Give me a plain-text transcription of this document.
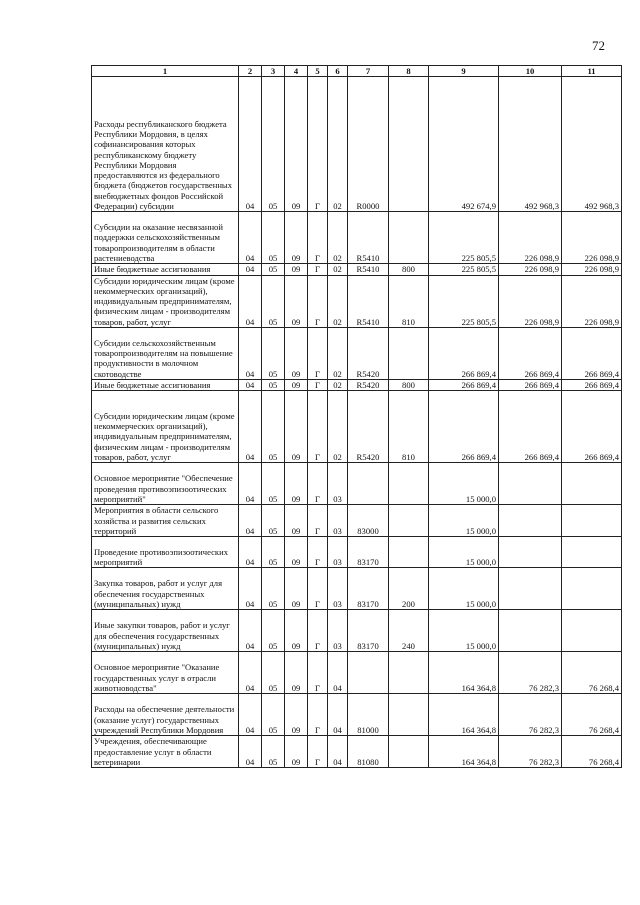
72
1	2	3	4	5	6	7	8	9	10	11
Расходы республиканского бюджета Республики Мордовия, в целях софинансирования которых республиканскому бюджету Республики Мордовия предоставляются из федерального бюджета (бюджетов государственных внебюджетных фондов Российской Федерации) субсидии	04	05	09	Г	02	R0000		492 674,9	492 968,3	492 968,3
Субсидии на оказание несвязанной поддержки сельскохозяйственным товаропроизводителям в области растениеводства	04	05	09	Г	02	R5410		225 805,5	226 098,9	226 098,9
Иные бюджетные ассигнования	04	05	09	Г	02	R5410	800	225 805,5	226 098,9	226 098,9
Субсидии юридическим лицам (кроме некоммерческих организаций), индивидуальным предпринимателям, физическим лицам - производителям товаров, работ, услуг	04	05	09	Г	02	R5410	810	225 805,5	226 098,9	226 098,9
Субсидии сельскохозяйственным товаропроизводителям на повышение продуктивности в молочном скотоводстве	04	05	09	Г	02	R5420		266 869,4	266 869,4	266 869,4
Иные бюджетные ассигнования	04	05	09	Г	02	R5420	800	266 869,4	266 869,4	266 869,4
Субсидии юридическим лицам (кроме некоммерческих организаций), индивидуальным предпринимателям, физическим лицам - производителям товаров, работ, услуг	04	05	09	Г	02	R5420	810	266 869,4	266 869,4	266 869,4
Основное мероприятие "Обеспечение проведения противоэпизоотических мероприятий"	04	05	09	Г	03			15 000,0		
Мероприятия в области сельского хозяйства и развития сельских территорий	04	05	09	Г	03	83000		15 000,0		
Проведение противоэпизоотических мероприятий	04	05	09	Г	03	83170		15 000,0		
Закупка товаров, работ и услуг для обеспечения государственных (муниципальных) нужд	04	05	09	Г	03	83170	200	15 000,0		
Иные закупки товаров, работ и услуг для обеспечения государственных (муниципальных) нужд	04	05	09	Г	03	83170	240	15 000,0		
Основное мероприятие "Оказание государственных услуг в отрасли животноводства"	04	05	09	Г	04			164 364,8	76 282,3	76 268,4
Расходы на обеспечение деятельности (оказание услуг) государственных учреждений Республики Мордовия	04	05	09	Г	04	81000		164 364,8	76 282,3	76 268,4
Учреждения, обеспечивающие предоставление услуг в области ветеринарии	04	05	09	Г	04	81080		164 364,8	76 282,3	76 268,4
